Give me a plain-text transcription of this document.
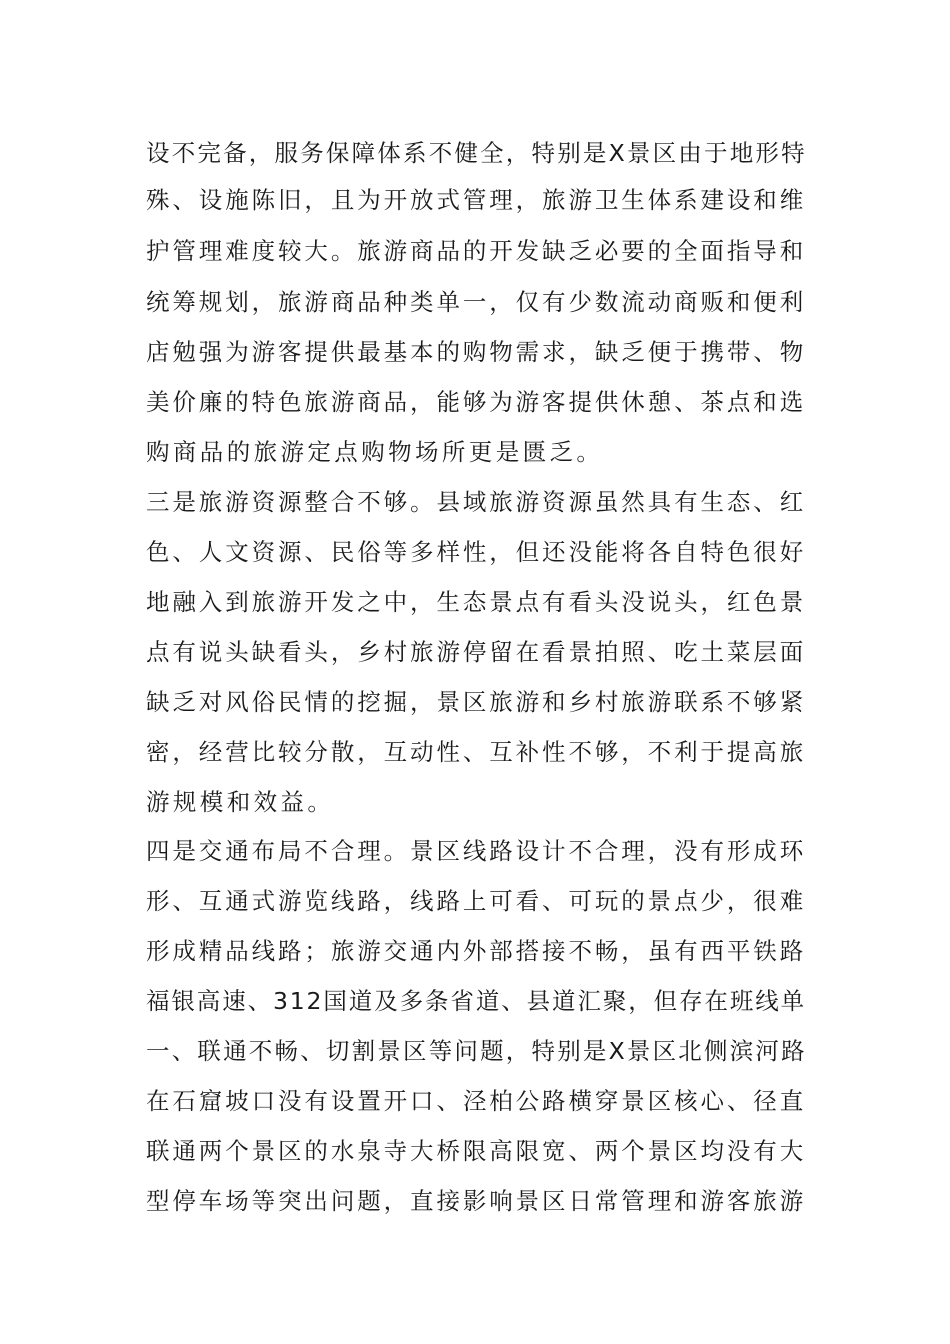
设不完备，服务保障体系不健全，特别是X景区由于地形特
殊、设施陈旧，且为开放式管理，旅游卫生体系建设和维
护管理难度较大。旅游商品的开发缺乏必要的全面指导和
统筹规划，旅游商品种类单一，仅有少数流动商贩和便利
店勉强为游客提供最基本的购物需求，缺乏便于携带、物
美价廉的特色旅游商品，能够为游客提供休憩、茶点和选
购商品的旅游定点购物场所更是匮乏。
三是旅游资源整合不够。县域旅游资源虽然具有生态、红
色、人文资源、民俗等多样性，但还没能将各自特色很好
地融入到旅游开发之中，生态景点有看头没说头，红色景
点有说头缺看头，乡村旅游停留在看景拍照、吃土菜层面
缺乏对风俗民情的挖掘，景区旅游和乡村旅游联系不够紧
密，经营比较分散，互动性、互补性不够，不利于提高旅
游规模和效益。
四是交通布局不合理。景区线路设计不合理，没有形成环
形、互通式游览线路，线路上可看、可玩的景点少，很难
形成精品线路；旅游交通内外部搭接不畅，虽有西平铁路
福银高速、312国道及多条省道、县道汇聚，但存在班线单
一、联通不畅、切割景区等问题，特别是X景区北侧滨河路
在石窟坡口没有设置开口、泾柏公路横穿景区核心、径直
联通两个景区的水泉寺大桥限高限宽、两个景区均没有大
型停车场等突出问题，直接影响景区日常管理和游客旅游
